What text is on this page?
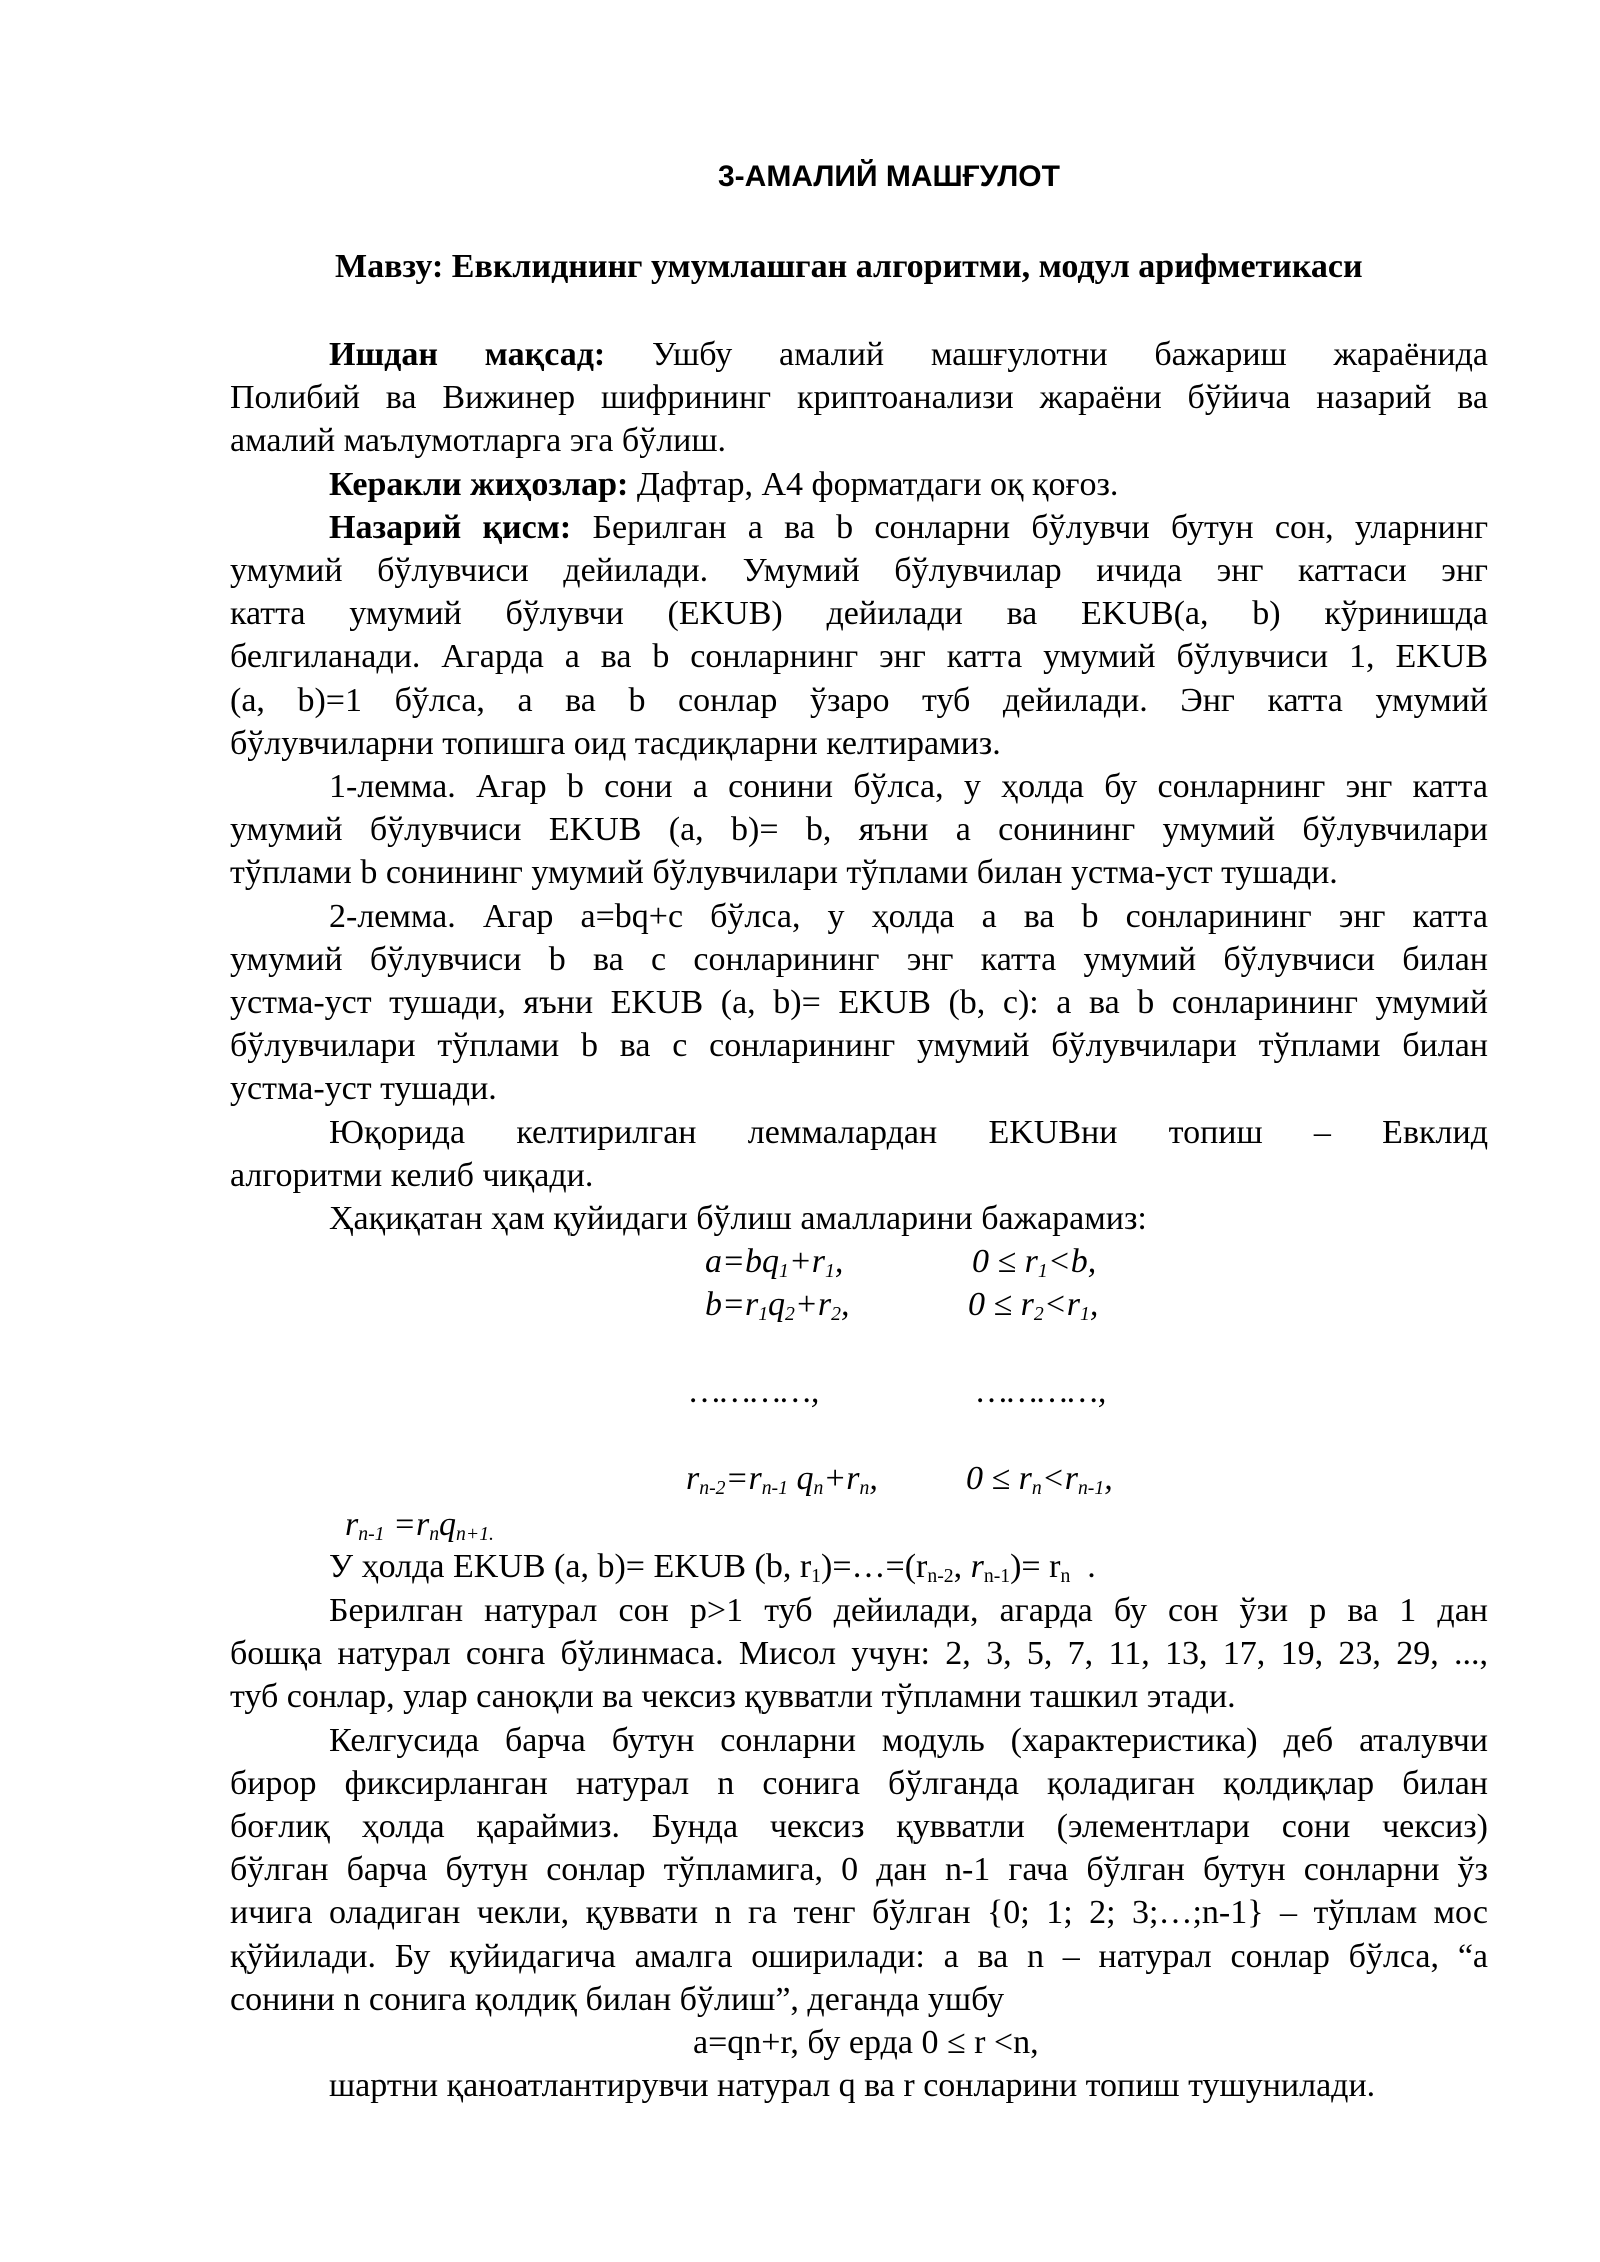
3-АМАЛИЙ МАШҒУЛОТ
Мавзу: Евклиднинг умумлашган алгоритми, модул арифметикаси
Ишдан мақсад: Ушбу амалий машғулотни бажариш жараёнида
Полибий ва Вижинер шифрининг криптоанализи жараёни бўйича назарий ва
амалий маълумотларга эга бўлиш.
Керакли жиҳозлар: Дафтар, А4 форматдаги оқ қоғоз.
Назарий қисм: Берилган a ва b сонларни бўлувчи бутун сон, уларнинг
умумий бўлувчиси дейилади. Умумий бўлувчилар ичида энг каттаси энг
катта умумий бўлувчи (EKUB) дейилади ва EKUB(a, b) кўринишда
белгиланади. Агарда a ва b сонларнинг энг катта умумий бўлувчиси 1, EKUB
(a, b)=1 бўлса, a ва b сонлар ўзаро туб дейилади. Энг катта умумий
бўлувчиларни топишга оид тасдиқларни келтирамиз.
1-лемма. Агар b сони a сонини бўлса, у ҳолда бу сонларнинг энг катта
умумий бўлувчиси EKUB (a, b)= b, яъни a сонининг умумий бўлувчилари
тўплами b сонининг умумий бўлувчилари тўплами билан устма-уст тушади.
2-лемма. Агар a=bq+c бўлса, у ҳолда a ва b сонларининг энг катта
умумий бўлувчиси b ва c сонларининг энг катта умумий бўлувчиси билан
устма-уст тушади, яъни EKUB (a, b)= EKUB (b, c): a ва b сонларининг умумий
бўлувчилари тўплами b ва c сонларининг умумий бўлувчилари тўплами билан
устма-уст тушади.
Юқорида келтирилган леммалардан EKUBни топиш – Евклид
алгоритми келиб чиқади.
Ҳақиқатан ҳам қуйидаги бўлиш амалларини бажарамиз:
$a=bq_1+r_1$,	$0 \le r_1<b$,
$b=r_1q_2+r_2$,	$0 \le r_2<r_1$,
…………,	…………,
$r_{n-2}=r_{n-1}$ $q_n+r_n$,	$0 \le r_n<r_{n-1}$,
$r_{n-1} =r_nq_{n+1.}$
У ҳолда EKUB (a, b)= EKUB (b, $r_1)=\dots=(r_{n-2}$, $r_{n-1})= r_n$  .
Берилган натурал сон p>1 туб дейилади, агарда бу сон ўзи p ва 1 дан
бошқа натурал сонга бўлинмаса. Мисол учун: 2, 3, 5, 7, 11, 13, 17, 19, 23, 29, ...,
туб сонлар, улар саноқли ва чексиз қувватли тўпламни ташкил этади.
Келгусида барча бутун сонларни модуль (характеристика) деб аталувчи
бирор фиксирланган натурал n сонига бўлганда қоладиган қолдиқлар билан
боғлиқ ҳолда қараймиз. Бунда чексиз қувватли (элементлари сони чексиз)
бўлган барча бутун сонлар тўпламига, 0 дан n-1 гача бўлган бутун сонларни ўз
ичига оладиган чекли, қуввати n га тенг бўлган {0; 1; 2; 3;…;n-1} – тўплам мос
қўйилади. Бу қуйидагича амалга оширилади: a ва n – натурал сонлар бўлса, “a
сонини n сонига қолдиқ билан бўлиш”, деганда ушбу
a=qn+r, бу ерда 0 ≤ r <n,
шартни қаноатлантирувчи натурал q ва r сонларини топиш тушунилади.
